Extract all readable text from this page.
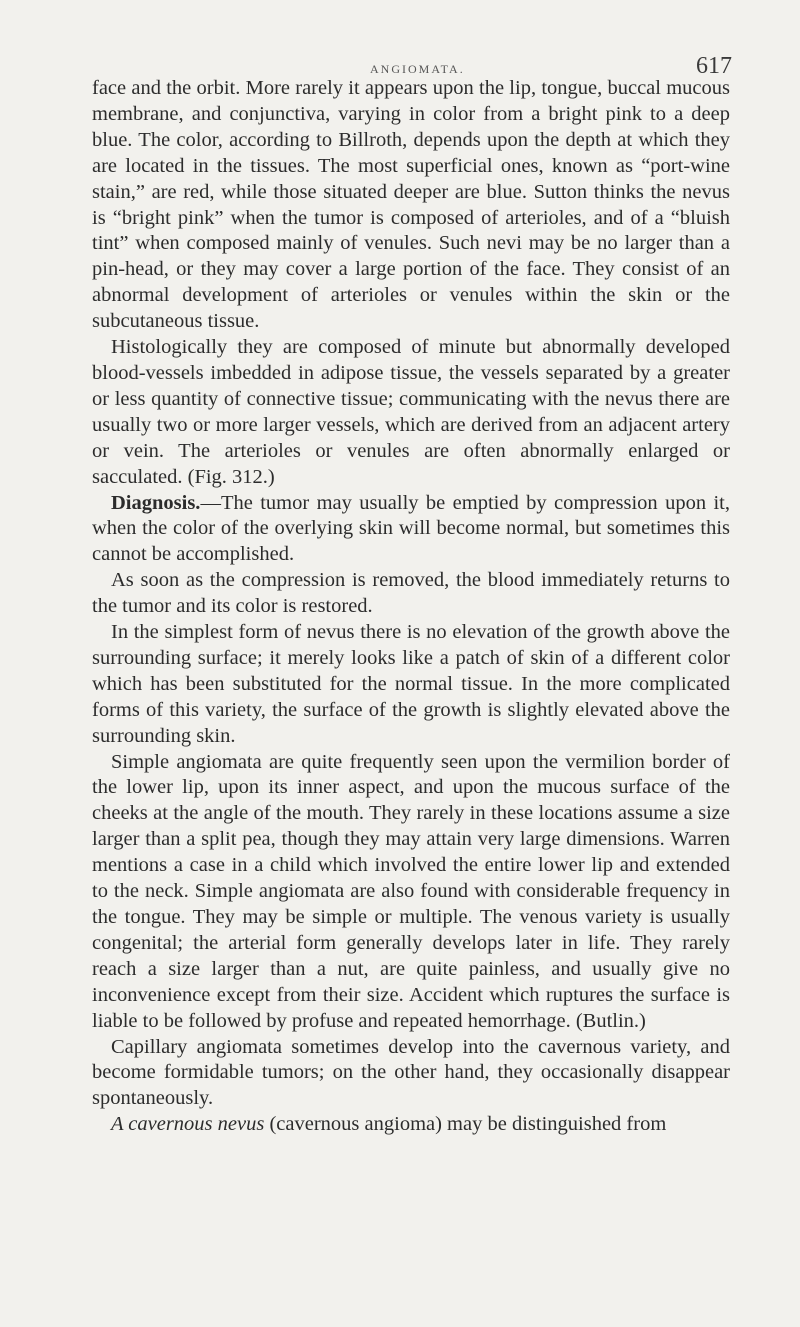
ANGIOMATA.	617

face and the orbit. More rarely it appears upon the lip, tongue, buccal mucous membrane, and conjunctiva, varying in color from a bright pink to a deep blue. The color, according to Billroth, depends upon the depth at which they are located in the tissues. The most superficial ones, known as “port-wine stain,” are red, while those situated deeper are blue. Sutton thinks the nevus is “bright pink” when the tumor is composed of arterioles, and of a “bluish tint” when composed mainly of venules. Such nevi may be no larger than a pin-head, or they may cover a large portion of the face. They consist of an abnormal development of arterioles or venules within the skin or the subcutaneous tissue.

Histologically they are composed of minute but abnormally developed blood-vessels imbedded in adipose tissue, the vessels separated by a greater or less quantity of connective tissue; communicating with the nevus there are usually two or more larger vessels, which are derived from an adjacent artery or vein. The arterioles or venules are often abnormally enlarged or sacculated. (Fig. 312.)

Diagnosis.—The tumor may usually be emptied by compression upon it, when the color of the overlying skin will become normal, but sometimes this cannot be accomplished.

As soon as the compression is removed, the blood immediately returns to the tumor and its color is restored.

In the simplest form of nevus there is no elevation of the growth above the surrounding surface; it merely looks like a patch of skin of a different color which has been substituted for the normal tissue. In the more complicated forms of this variety, the surface of the growth is slightly elevated above the surrounding skin.

Simple angiomata are quite frequently seen upon the vermilion border of the lower lip, upon its inner aspect, and upon the mucous surface of the cheeks at the angle of the mouth. They rarely in these locations assume a size larger than a split pea, though they may attain very large dimensions. Warren mentions a case in a child which involved the entire lower lip and extended to the neck. Simple angiomata are also found with considerable frequency in the tongue. They may be simple or multiple. The venous variety is usually congenital; the arterial form generally develops later in life. They rarely reach a size larger than a nut, are quite painless, and usually give no inconvenience except from their size. Accident which ruptures the surface is liable to be followed by profuse and repeated hemorrhage. (Butlin.)

Capillary angiomata sometimes develop into the cavernous variety, and become formidable tumors; on the other hand, they occasionally disappear spontaneously.

A cavernous nevus (cavernous angioma) may be distinguished from
